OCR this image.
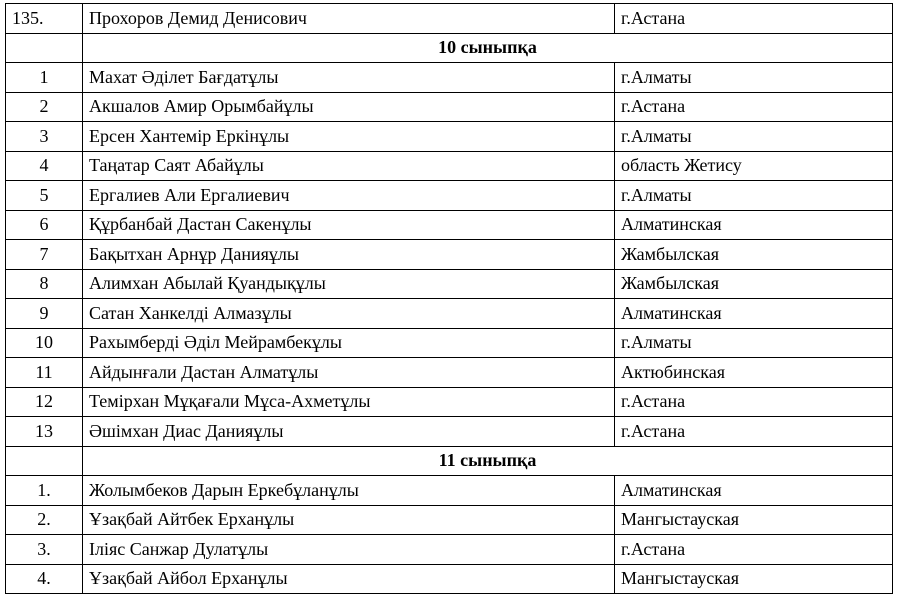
135.	Прохоров Демид Денисович	г.Астана
	10 сыныпқа	
1	Махат Әділет Бағдатұлы	г.Алматы
2	Акшалов Амир Орымбайұлы	г.Астана
3	Ерсен Хантемір Еркінұлы	г.Алматы
4	Таңатар Саят Абайұлы	область Жетису
5	Ергалиев Али Ергалиевич	г.Алматы
6	Құрбанбай Дастан Сакенұлы	Алматинская
7	Бақытхан Арнұр Данияұлы	Жамбылская
8	Алимхан Абылай Қуандықұлы	Жамбылская
9	Сатан Ханкелді Алмазұлы	Алматинская
10	Рахымберді Әділ Мейрамбекұлы	г.Алматы
11	Айдынғали Дастан Алматұлы	Актюбинская
12	Темірхан Мұқағали Мұса-Ахметұлы	г.Астана
13	Әшімхан Диас Данияұлы	г.Астана
	11 сыныпқа	
1.	Жолымбеков Дарын Еркебұланұлы	Алматинская
2.	Ұзақбай Айтбек Ерханұлы	Мангыстауская
3.	Іліяс Санжар Дулатұлы	г.Астана
4.	Ұзақбай Айбол Ерханұлы	Мангыстауская
